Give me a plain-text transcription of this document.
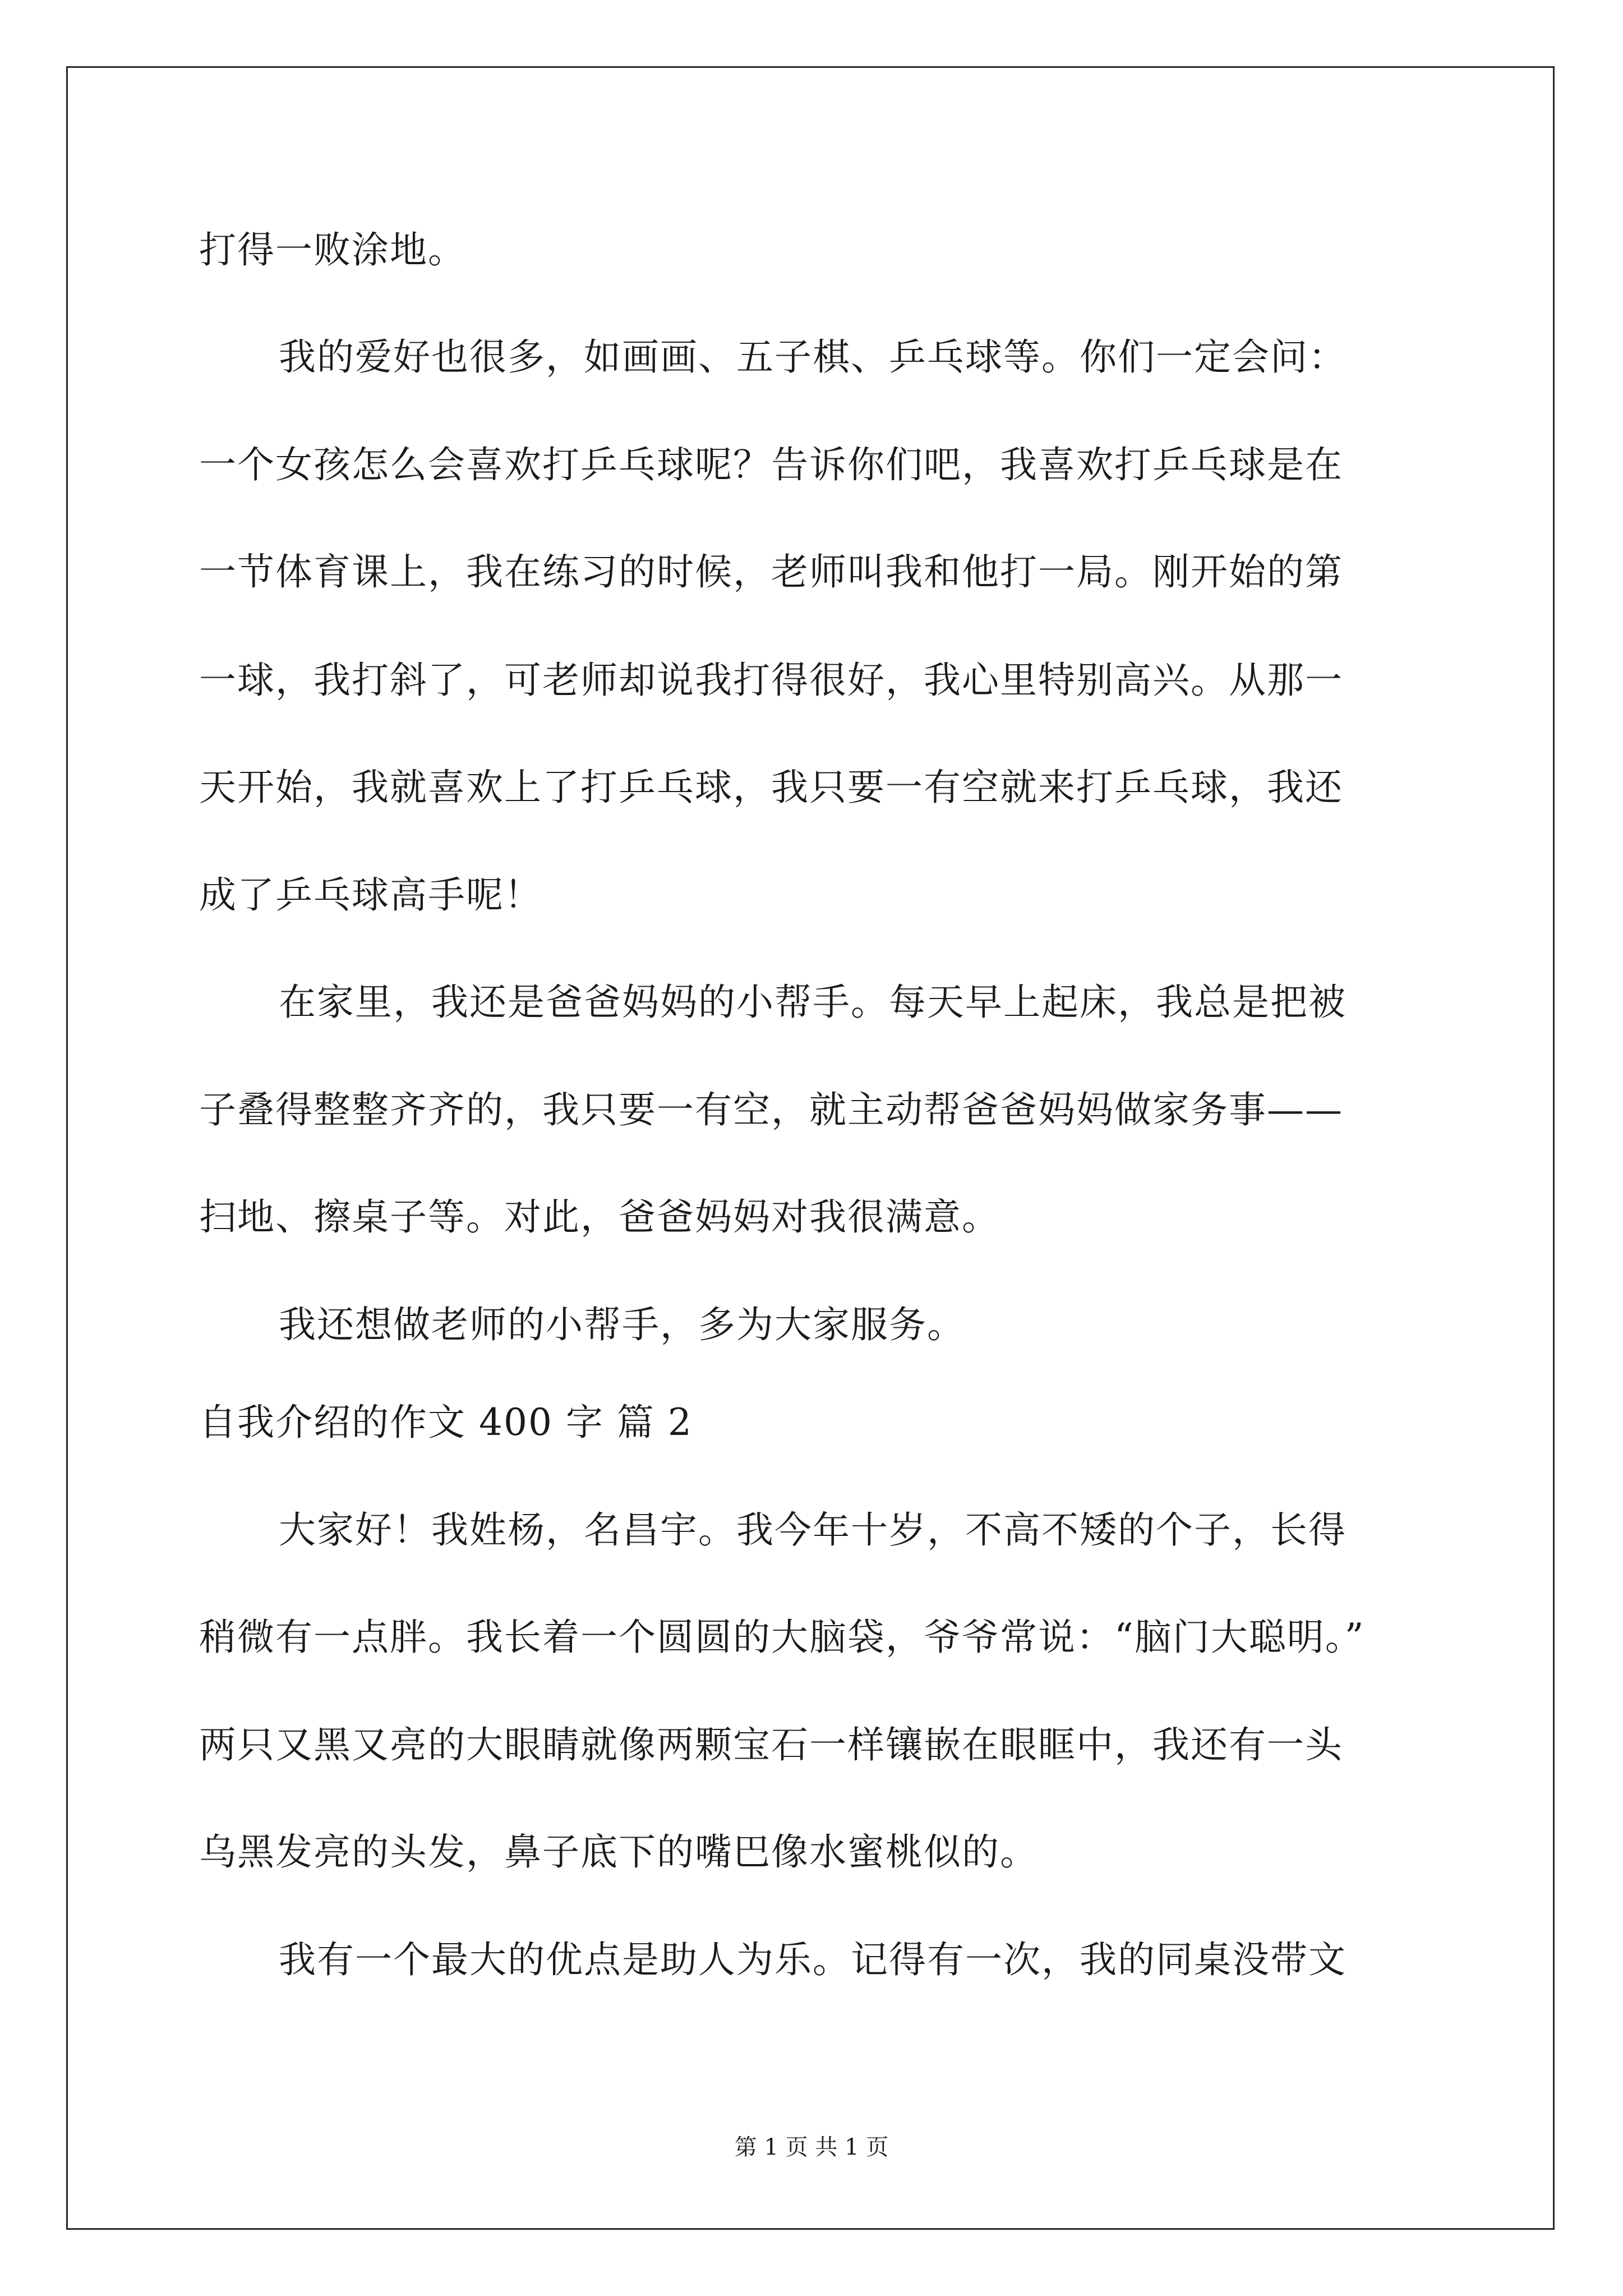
打得一败涂地。
我的爱好也很多，如画画、五子棋、乒乓球等。你们一定会问：
一个女孩怎么会喜欢打乒乓球呢？告诉你们吧，我喜欢打乒乓球是在
一节体育课上，我在练习的时候，老师叫我和他打一局。刚开始的第
一球，我打斜了，可老师却说我打得很好，我心里特别高兴。从那一
天开始，我就喜欢上了打乒乓球，我只要一有空就来打乒乓球，我还
成了乒乓球高手呢！
在家里，我还是爸爸妈妈的小帮手。每天早上起床，我总是把被
子叠得整整齐齐的，我只要一有空，就主动帮爸爸妈妈做家务事——
扫地、擦桌子等。对此，爸爸妈妈对我很满意。
我还想做老师的小帮手，多为大家服务。
自我介绍的作文 400 字 篇 2
大家好！我姓杨，名昌宇。我今年十岁，不高不矮的个子，长得
稍微有一点胖。我长着一个圆圆的大脑袋，爷爷常说：“脑门大聪明。”
两只又黑又亮的大眼睛就像两颗宝石一样镶嵌在眼眶中，我还有一头
乌黑发亮的头发，鼻子底下的嘴巴像水蜜桃似的。
我有一个最大的优点是助人为乐。记得有一次，我的同桌没带文
第 1 页 共 1 页
